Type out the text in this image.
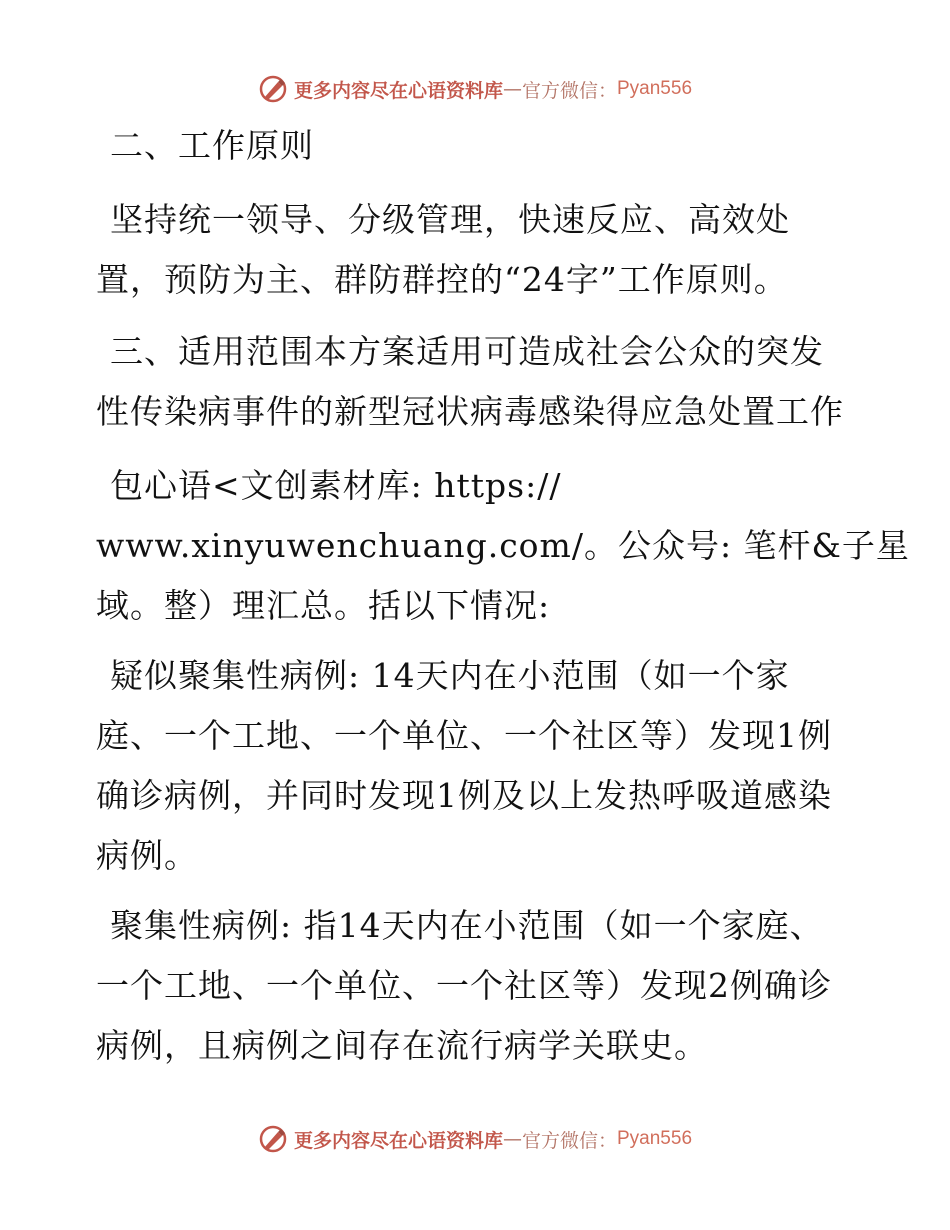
更多内容尽在心语资料库 — 官方微信： Pyan556
二、工作原则
坚持统一领导、分级管理，快速反应、高效处
置，预防为主、群防群控的“24字”工作原则。
三、适用范围本方案适用可造成社会公众的突发
性传染病事件的新型冠状病毒感染得应急处置工作
包心语<文创素材库: https://
www.xinyuwenchuang.com/。公众号: 笔杆&子星
域。整）理汇总。括以下情况:
疑似聚集性病例: 14天内在小范围（如一个家
庭、一个工地、一个单位、一个社区等）发现1例
确诊病例，并同时发现1例及以上发热呼吸道感染
病例。
聚集性病例: 指14天内在小范围（如一个家庭、
一个工地、一个单位、一个社区等）发现2例确诊
病例，且病例之间存在流行病学关联史。
更多内容尽在心语资料库 — 官方微信： Pyan556
